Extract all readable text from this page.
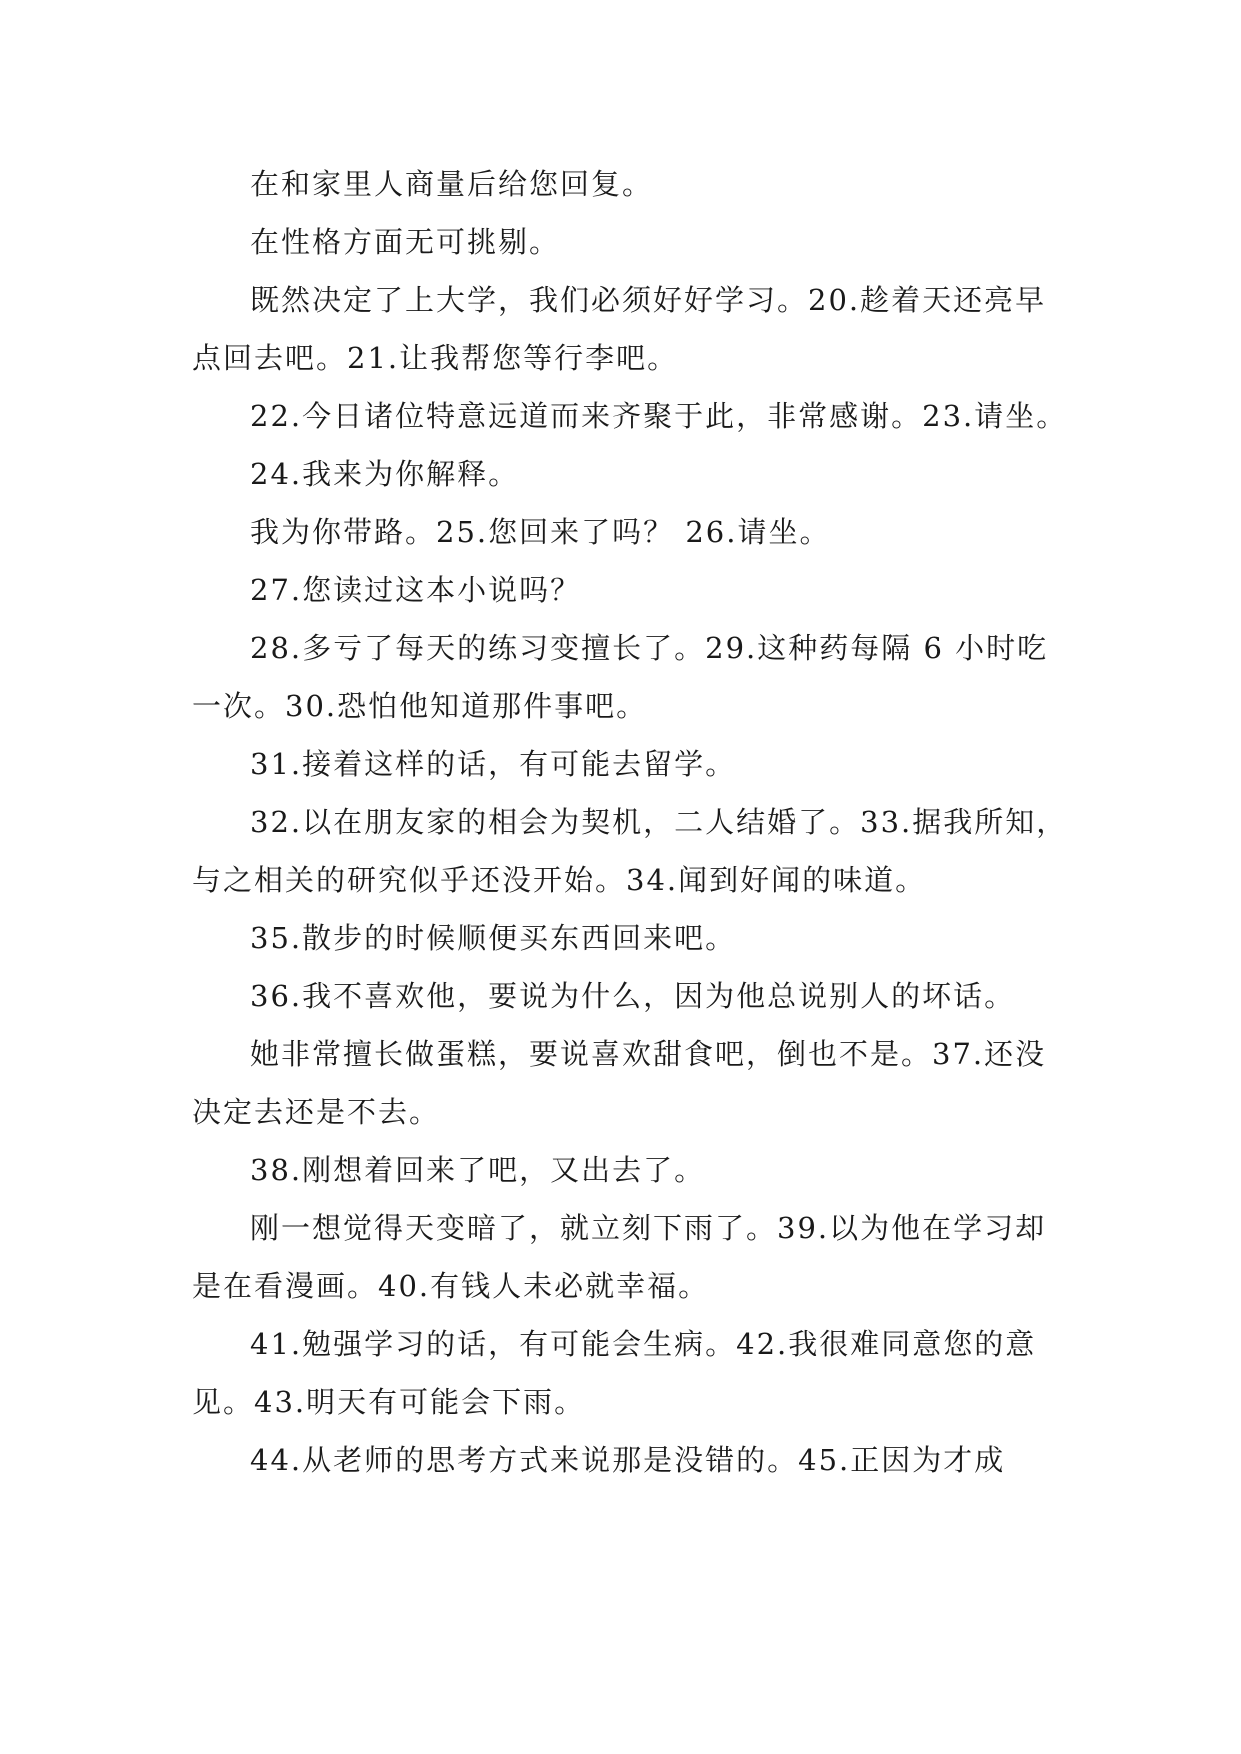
在和家里人商量后给您回复。

在性格方面无可挑剔。

既然决定了上大学，我们必须好好学习。20.趁着天还亮早点回去吧。21.让我帮您等行李吧。

22.今日诸位特意远道而来齐聚于此，非常感谢。23.请坐。

24.我来为你解释。

我为你带路。25.您回来了吗？ 26.请坐。

27.您读过这本小说吗？

28.多亏了每天的练习变擅长了。29.这种药每隔 6 小时吃一次。30.恐怕他知道那件事吧。

31.接着这样的话，有可能去留学。

32.以在朋友家的相会为契机，二人结婚了。33.据我所知，与之相关的研究似乎还没开始。34.闻到好闻的味道。

35.散步的时候顺便买东西回来吧。

36.我不喜欢他，要说为什么，因为他总说别人的坏话。

她非常擅长做蛋糕，要说喜欢甜食吧，倒也不是。37.还没决定去还是不去。

38.刚想着回来了吧，又出去了。

刚一想觉得天变暗了，就立刻下雨了。39.以为他在学习却是在看漫画。40.有钱人未必就幸福。

41.勉强学习的话，有可能会生病。42.我很难同意您的意见。43.明天有可能会下雨。

44.从老师的思考方式来说那是没错的。45.正因为才成
